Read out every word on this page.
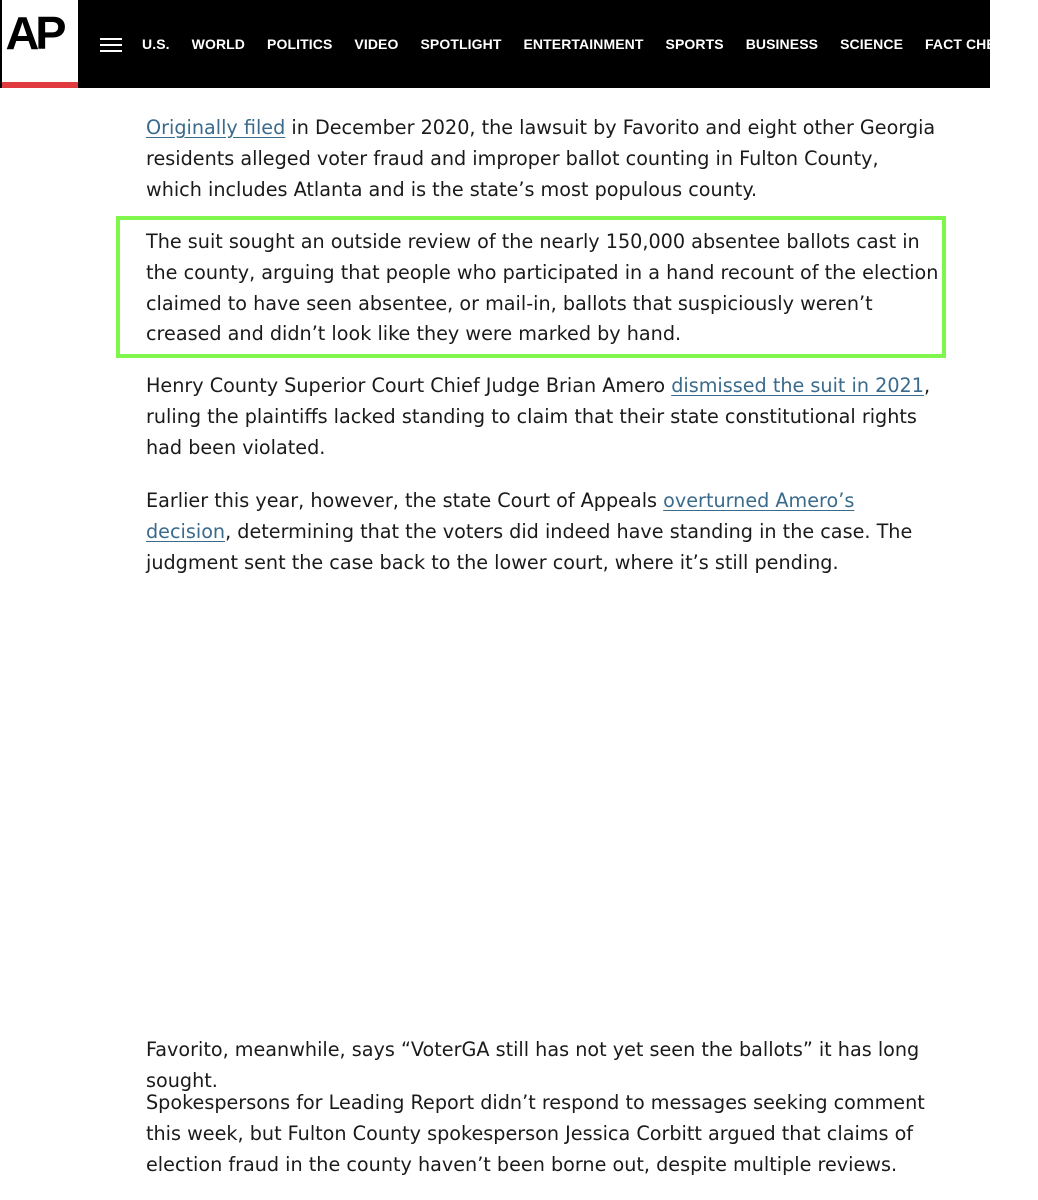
AP	U.S. WORLD POLITICS VIDEO SPOTLIGHT ENTERTAINMENT SPORTS BUSINESS SCIENCE FACT CHECK

Originally filed in December 2020, the lawsuit by Favorito and eight other Georgia residents alleged voter fraud and improper ballot counting in Fulton County, which includes Atlanta and is the state’s most populous county.

The suit sought an outside review of the nearly 150,000 absentee ballots cast in the county, arguing that people who participated in a hand recount of the election claimed to have seen absentee, or mail-in, ballots that suspiciously weren’t creased and didn’t look like they were marked by hand.

Henry County Superior Court Chief Judge Brian Amero dismissed the suit in 2021, ruling the plaintiffs lacked standing to claim that their state constitutional rights had been violated.

Earlier this year, however, the state Court of Appeals overturned Amero’s decision, determining that the voters did indeed have standing in the case. The judgment sent the case back to the lower court, where it’s still pending.

Favorito, meanwhile, says “VoterGA still has not yet seen the ballots” it has long sought.

Spokespersons for Leading Report didn’t respond to messages seeking comment this week, but Fulton County spokesperson Jessica Corbitt argued that claims of election fraud in the county haven’t been borne out, despite multiple reviews.
